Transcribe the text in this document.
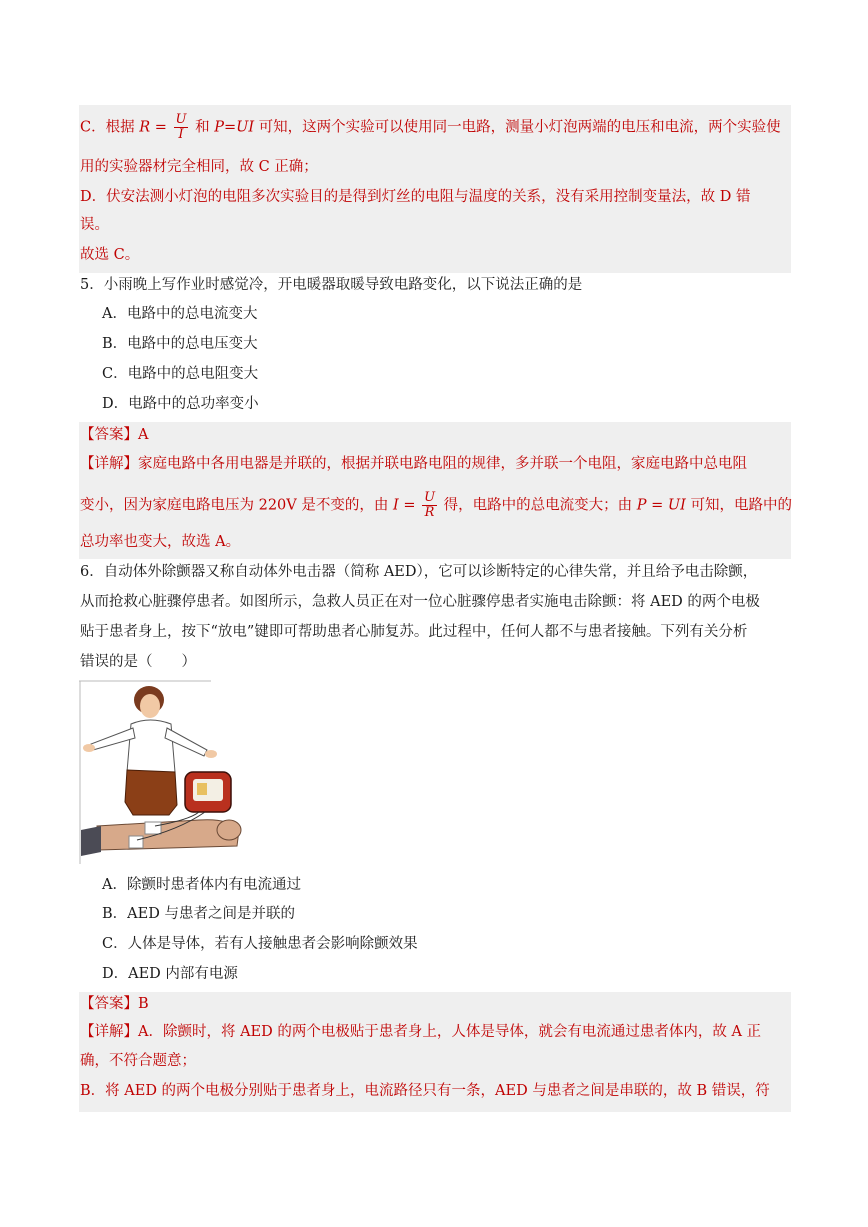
C．根据 $R = \frac{U}{I}$ 和 P=UI 可知，这两个实验可以使用同一电路，测量小灯泡两端的电压和电流，两个实验使
用的实验器材完全相同，故 C 正确；
D．伏安法测小灯泡的电阻多次实验目的是得到灯丝的电阻与温度的关系，没有采用控制变量法，故 D 错
误。
故选 C。
5．小雨晚上写作业时感觉冷，开电暖器取暖导致电路变化，以下说法正确的是
A．电路中的总电流变大
B．电路中的总电压变大
C．电路中的总电阻变大
D．电路中的总功率变小
【答案】A
【详解】家庭电路中各用电器是并联的，根据并联电路电阻的规律，多并联一个电阻，家庭电路中总电阻
变小，因为家庭电路电压为 220V 是不变的，由 $I = \frac{U}{R}$ 得，电路中的总电流变大；由 P = UI 可知，电路中的
总功率也变大，故选 A。
6．自动体外除颤器又称自动体外电击器（简称 AED），它可以诊断特定的心律失常，并且给予电击除颤，
从而抢救心脏骤停患者。如图所示，急救人员正在对一位心脏骤停患者实施电击除颤：将 AED 的两个电极
贴于患者身上，按下“放电”键即可帮助患者心肺复苏。此过程中，任何人都不与患者接触。下列有关分析
错误的是（　　）
A．除颤时患者体内有电流通过
B．AED 与患者之间是并联的
C．人体是导体，若有人接触患者会影响除颤效果
D．AED 内部有电源
【答案】B
【详解】A．除颤时，将 AED 的两个电极贴于患者身上，人体是导体，就会有电流通过患者体内，故 A 正
确，不符合题意；
B．将 AED 的两个电极分别贴于患者身上，电流路径只有一条，AED 与患者之间是串联的，故 B 错误，符
